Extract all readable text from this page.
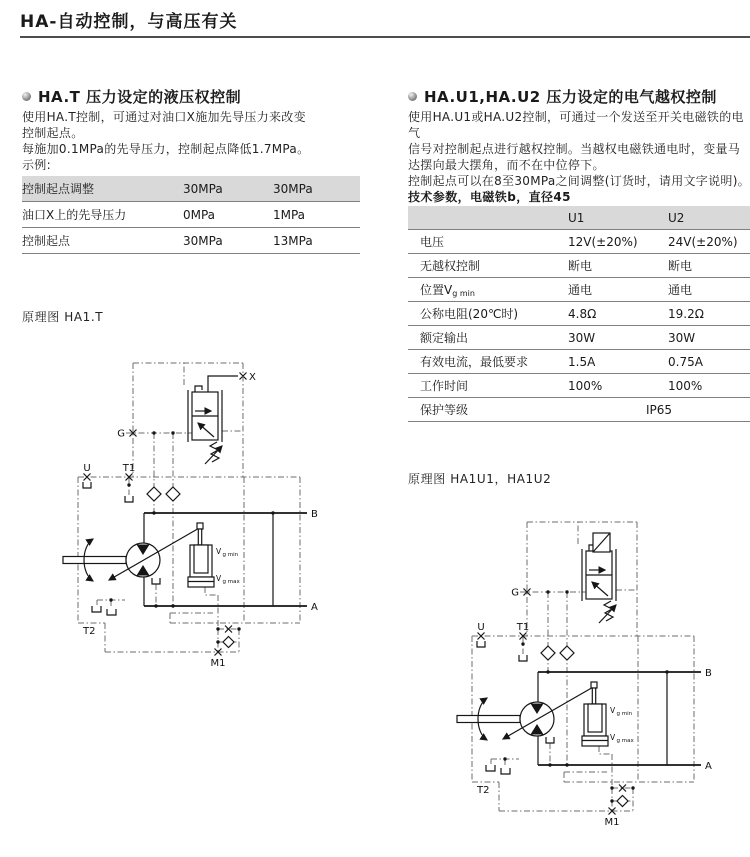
HA-自动控制，与高压有关
HA.T 压力设定的液压权控制
使用HA.T控制，可通过对油口X施加先导压力来改变
控制起点。
每施加0.1MPa的先导压力，控制起点降低1.7MPa。
示例:
控制起点调整	30MPa	30MPa
油口X上的先导压力	0MPa	1MPa
控制起点	30MPa	13MPa
原理图 HA1.T
X
G
U	T1
B
A
T2
M1
V g min
V g max
HA.U1,HA.U2 压力设定的电气越权控制
使用HA.U1或HA.U2控制，可通过一个发送至开关电磁铁的电气
信号对控制起点进行越权控制。当越权电磁铁通电时，变量马
达摆向最大摆角，而不在中位停下。
控制起点可以在8至30MPa之间调整(订货时，请用文字说明)。
技术参数，电磁铁b，直径45
	U1	U2
电压	12V(±20%)	24V(±20%)
无越权控制	断电	断电
位置Vg min	通电	通电
公称电阻(20℃时)	4.8Ω	19.2Ω
额定输出	30W	30W
有效电流，最低要求	1.5A	0.75A
工作时间	100%	100%
保护等级	IP65	
原理图 HA1U1，HA1U2
G
U	T1
B
A
T2
M1
V g min
V g max
